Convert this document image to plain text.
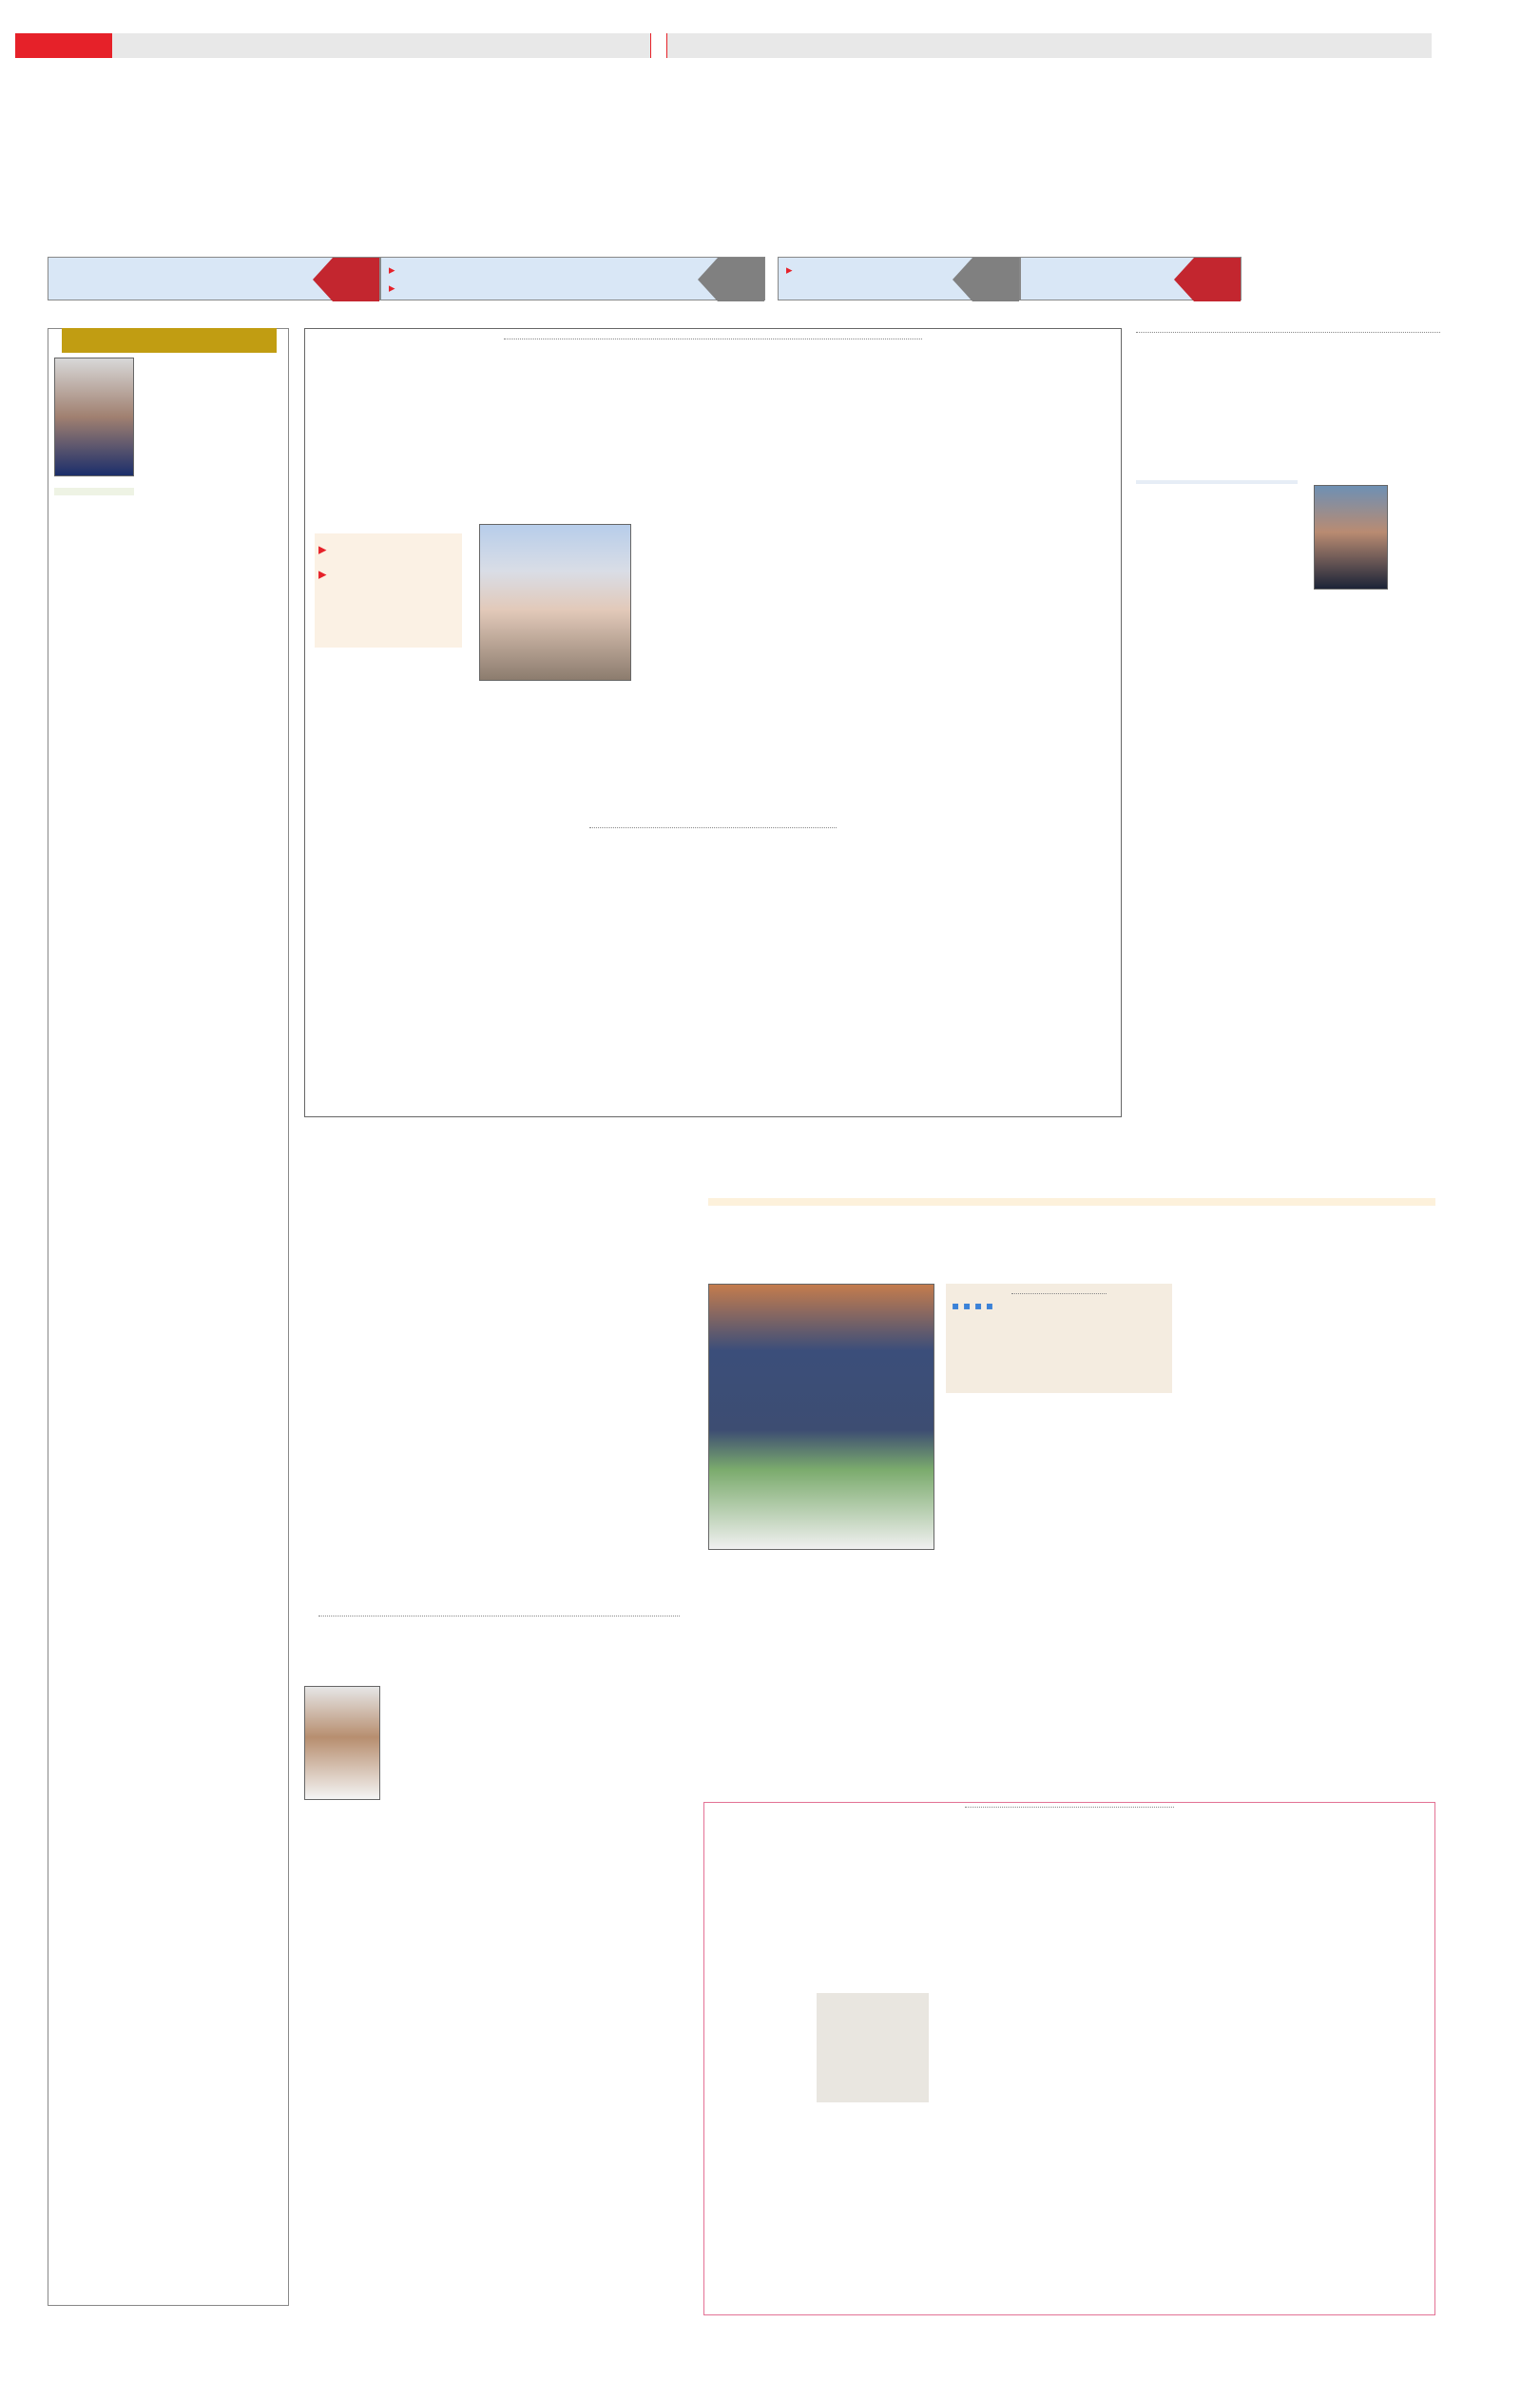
▸
▸
▸

▸
▸

▪ ▪ ▪ ▪
